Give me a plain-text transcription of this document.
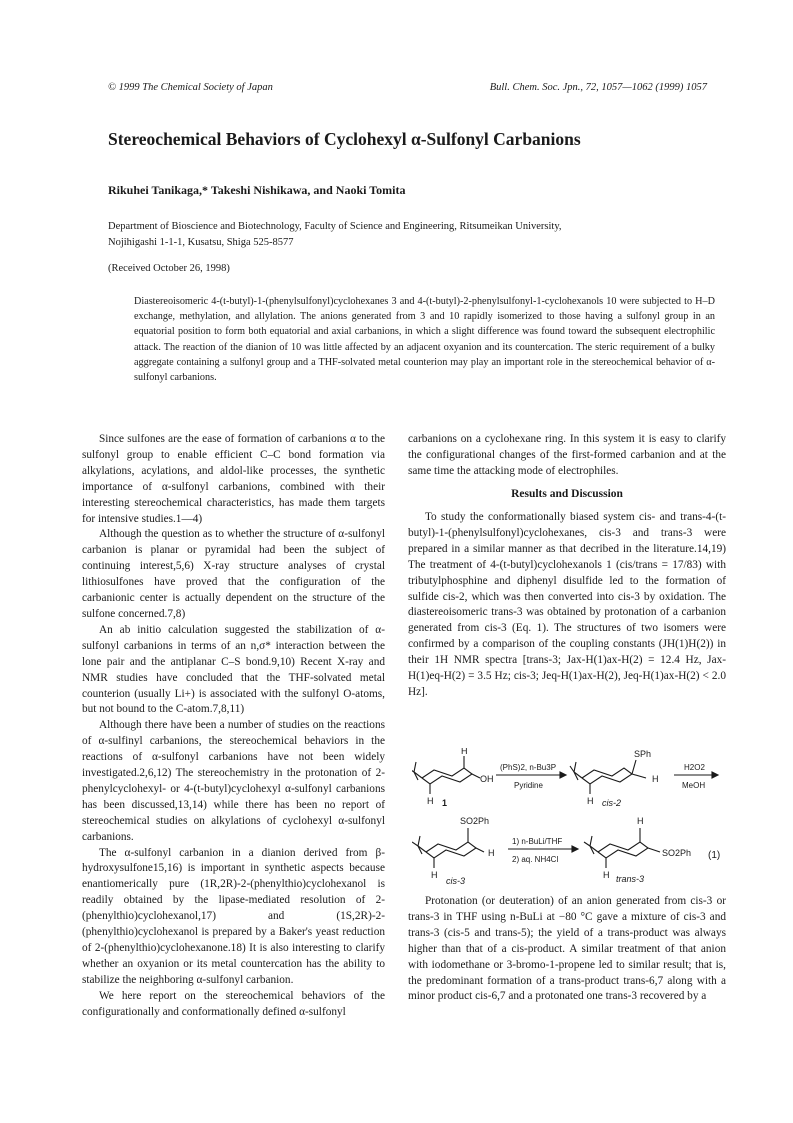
© 1999 The Chemical Society of Japan	Bull. Chem. Soc. Jpn., 72, 1057—1062 (1999) 1057
Stereochemical Behaviors of Cyclohexyl α-Sulfonyl Carbanions
Rikuhei Tanikaga,* Takeshi Nishikawa, and Naoki Tomita
Department of Bioscience and Biotechnology, Faculty of Science and Engineering, Ritsumeikan University,
Nojihigashi 1-1-1, Kusatsu, Shiga 525-8577
(Received October 26, 1998)
Diastereoisomeric 4-(t-butyl)-1-(phenylsulfonyl)cyclohexanes 3 and 4-(t-butyl)-2-phenylsulfonyl-1-cyclohexanols 10 were subjected to H–D exchange, methylation, and allylation. The anions generated from 3 and 10 rapidly isomerized to those having a sulfonyl group in an equatorial position to form both equatorial and axial carbanions, in which a slight difference was found toward the subsequent electrophilic attack. The reaction of the dianion of 10 was little affected by an adjacent oxyanion and its countercation. The steric requirement of a bulky aggregate containing a sulfonyl group and a THF-solvated metal counterion may play an important role in the stereochemical behavior of α-sulfonyl carbanions.

Since sulfones are the ease of formation of carbanions α to the sulfonyl group to enable efficient C–C bond formation via alkylations, acylations, and aldol-like processes, the synthetic importance of α-sulfonyl carbanions, combined with their interesting stereochemical characteristics, has made them targets for intensive studies.1—4)

Although the question as to whether the structure of α-sulfonyl carbanion is planar or pyramidal had been the subject of continuing interest,5,6) X-ray structure analyses of crystal lithiosulfones have proved that the configuration of the carbanionic center is actually dependent on the structure of the sulfone concerned.7,8)

An ab initio calculation suggested the stabilization of α-sulfonyl carbanions in terms of an n,σ* interaction between the lone pair and the antiplanar C–S bond.9,10) Recent X-ray and NMR studies have concluded that the THF-solvated metal counterion (usually Li+) is associated with the sulfonyl O-atoms, but not bound to the C-atom.7,8,11)

Although there have been a number of studies on the reactions of α-sulfinyl carbanions, the stereochemical behaviors in the reactions of α-sulfonyl carbanions have not been widely investigated.2,6,12) The stereochemistry in the protonation of 2-phenylcyclohexyl- or 4-(t-butyl)cyclohexyl α-sulfonyl carbanions has been discussed,13,14) while there has been no report of stereochemical studies on alkylations of cyclohexyl α-sulfonyl carbanions.

The α-sulfonyl carbanion in a dianion derived from β-hydroxysulfone15,16) is important in synthetic aspects because enantiomerically pure (1R,2R)-2-(phenylthio)cyclohexanol is readily obtained by the lipase-mediated resolution of 2-(phenylthio)cyclohexanol,17) and (1S,2R)-2-(phenylthio)cyclohexanol is prepared by a Baker's yeast reduction of 2-(phenylthio)cyclohexanone.18) It is also interesting to clarify whether an oxyanion or its metal countercation has the ability to stabilize the neighboring α-sulfonyl carbanion.

We here report on the stereochemical behaviors of the configurationally and conformationally defined α-sulfonyl

carbanions on a cyclohexane ring. In this system it is easy to clarify the configurational changes of the first-formed carbanion and at the same time the attacking mode of electrophiles.

Results and Discussion

To study the conformationally biased system cis- and trans-4-(t-butyl)-1-(phenylsulfonyl)cyclohexanes, cis-3 and trans-3 were prepared in a similar manner as that decribed in the literature.14,19) The treatment of 4-(t-butyl)cyclohexanols 1 (cis/trans = 17/83) with tributylphosphine and diphenyl disulfide led to the formation of sulfide cis-2, which was then converted into cis-3 by oxidation. The diastereoisomeric trans-3 was obtained by protonation of a carbanion generated from cis-3 (Eq. 1). The structures of two isomers were confirmed by a comparison of the coupling constants (JH(1)H(2)) in their 1H NMR spectra [trans-3; Jax-H(1)ax-H(2) = 12.4 Hz, Jax-H(1)eq-H(2) = 3.5 Hz; cis-3; Jeq-H(1)ax-H(2), Jeq-H(1)ax-H(2) < 2.0 Hz].

H
OH
H 1
(PhS)2, n-Bu3P
Pyridine
SPh
H
H cis-2
H2O2
MeOH
SO2Ph
H
H
cis-3
1) n-BuLi/THF
2) aq. NH4Cl
H
SO2Ph
H trans-3
(1)

Protonation (or deuteration) of an anion generated from cis-3 or trans-3 in THF using n-BuLi at −80 °C gave a mixture of cis-3 and trans-3 (cis-5 and trans-5); the yield of a trans-product was always higher than that of a cis-product. A similar treatment of that anion with iodomethane or 3-bromo-1-propene led to similar result; that is, the predominant formation of a trans-product trans-6,7 along with a minor product cis-6,7 and a protonated one trans-3 recovered by a
